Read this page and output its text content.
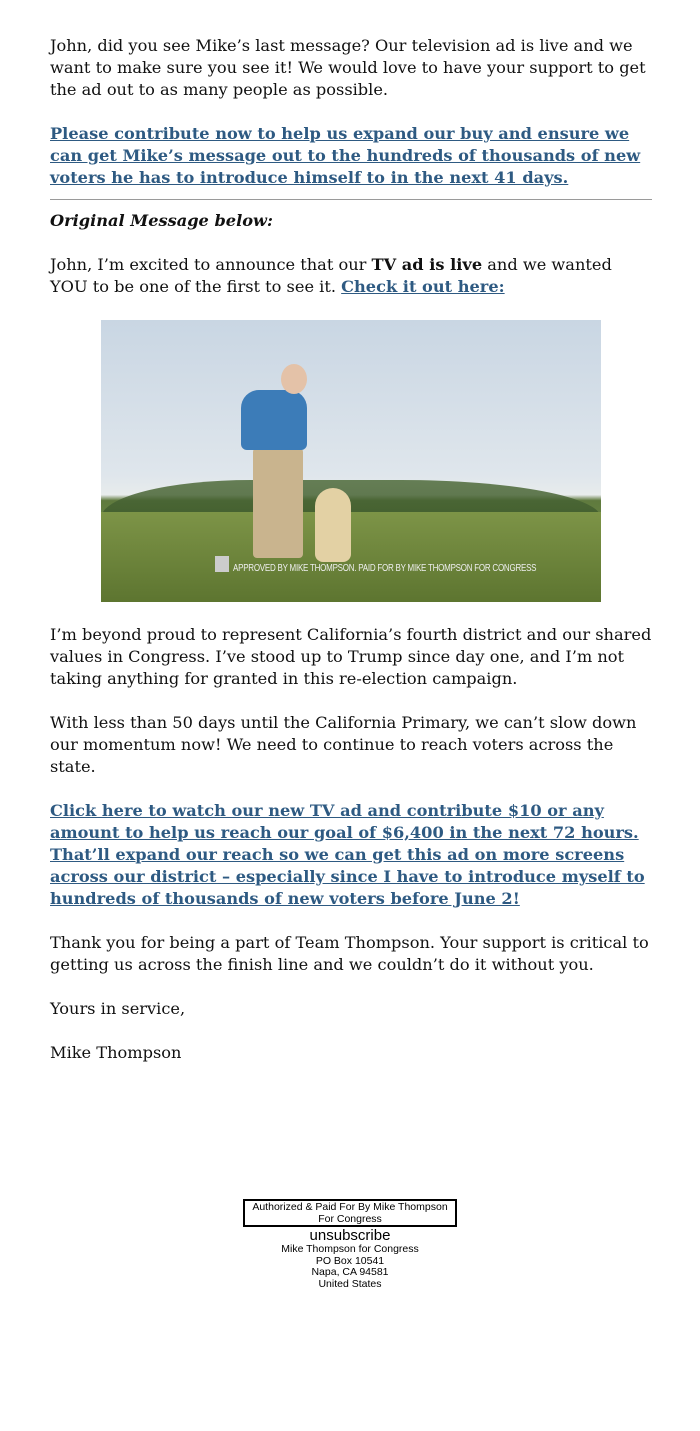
John, did you see Mike’s last message? Our television ad is live and we want to make sure you see it! We would love to have your support to get the ad out to as many people as possible.

Please contribute now to help us expand our buy and ensure we can get Mike’s message out to the hundreds of thousands of new voters he has to introduce himself to in the next 41 days.

Original Message below:

John, I’m excited to announce that our TV ad is live and we wanted YOU to be one of the first to see it. Check it out here:

APPROVED BY MIKE THOMPSON. PAID FOR BY MIKE THOMPSON FOR CONGRESS

I’m beyond proud to represent California’s fourth district and our shared values in Congress. I’ve stood up to Trump since day one, and I’m not taking anything for granted in this re-election campaign.

With less than 50 days until the California Primary, we can’t slow down our momentum now! We need to continue to reach voters across the state.

Click here to watch our new TV ad and contribute $10 or any amount to help us reach our goal of $6,400 in the next 72 hours. That’ll expand our reach so we can get this ad on more screens across our district – especially since I have to introduce myself to hundreds of thousands of new voters before June 2!

Thank you for being a part of Team Thompson. Your support is critical to getting us across the finish line and we couldn’t do it without you.

Yours in service,

Mike Thompson

Authorized & Paid For By Mike Thompson For Congress
unsubscribe
Mike Thompson for Congress
PO Box 10541
Napa, CA 94581
United States
